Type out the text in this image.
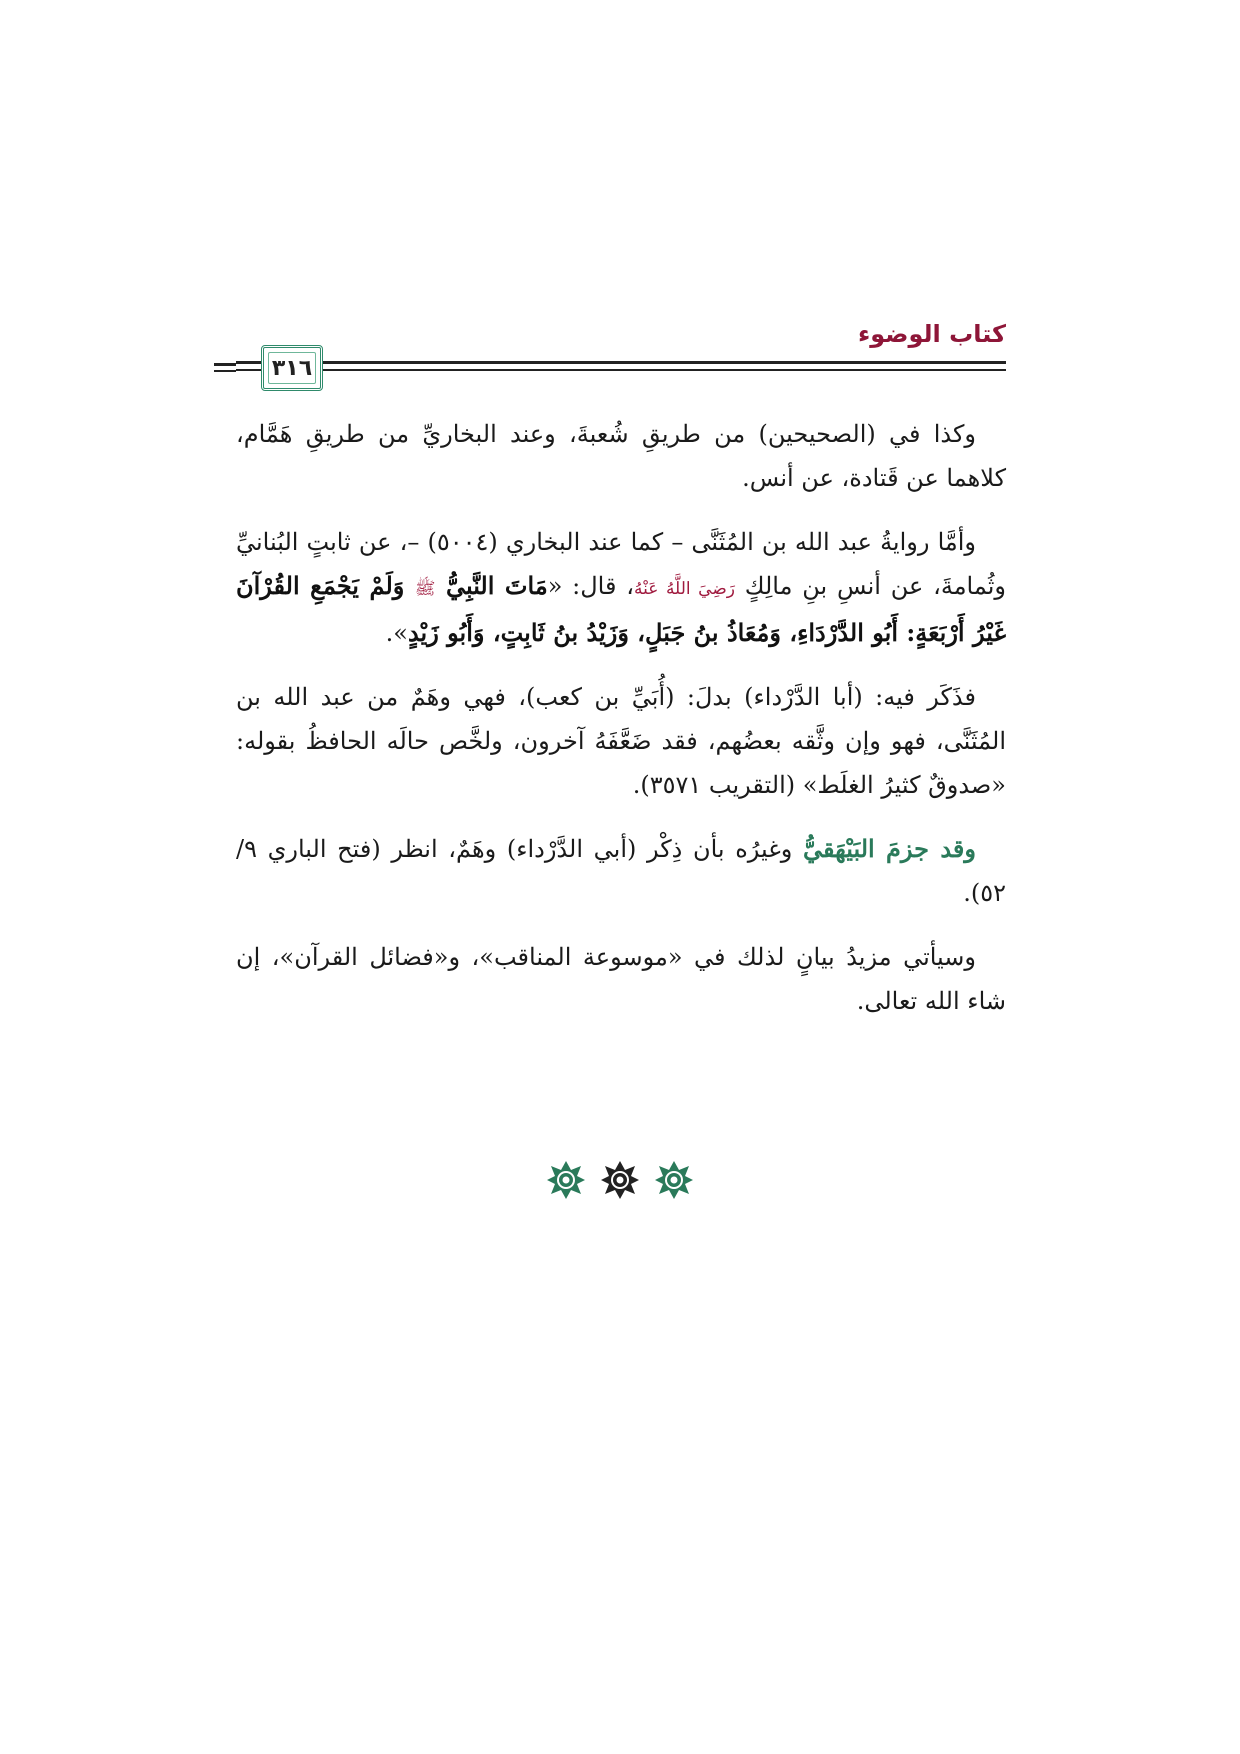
كتاب الوضوء
٣١٦

وكذا في (الصحيحين) من طريقِ شُعبةَ، وعند البخاريِّ من طريقِ هَمَّام، كلاهما عن قَتادة، عن أنس.

وأمَّا روايةُ عبد الله بن المُثَنَّى – كما عند البخاري (٥٠٠٤) –، عن ثابتٍ البُنانيِّ وثُمامةَ، عن أنسِ بنِ مالِكٍ رَضِيَ اللَّهُ عَنْهُ، قال: «مَاتَ النَّبِيُّ ﷺ وَلَمْ يَجْمَعِ القُرْآنَ غَيْرُ أَرْبَعَةٍ: أَبُو الدَّرْدَاءِ، وَمُعَاذُ بنُ جَبَلٍ، وَزَيْدُ بنُ ثَابِتٍ، وَأَبُو زَيْدٍ».

فذَكَر فيه: (أبا الدَّرْداء) بدلَ: (أُبَيِّ بن كعب)، فهي وهَمٌ من عبد الله بن المُثَنَّى، فهو وإن وثَّقه بعضُهم، فقد ضَعَّفَهُ آخرون، ولخَّص حالَه الحافظُ بقوله: «صدوقٌ كثيرُ الغلَط» (التقريب ٣٥٧١).

وقد جزمَ البَيْهَقيُّ وغيرُه بأن ذِكْر (أبي الدَّرْداء) وهَمٌ، انظر (فتح الباري ٩/ ٥٢).

وسيأتي مزيدُ بيانٍ لذلك في «موسوعة المناقب»، و«فضائل القرآن»، إن شاء الله تعالى.
